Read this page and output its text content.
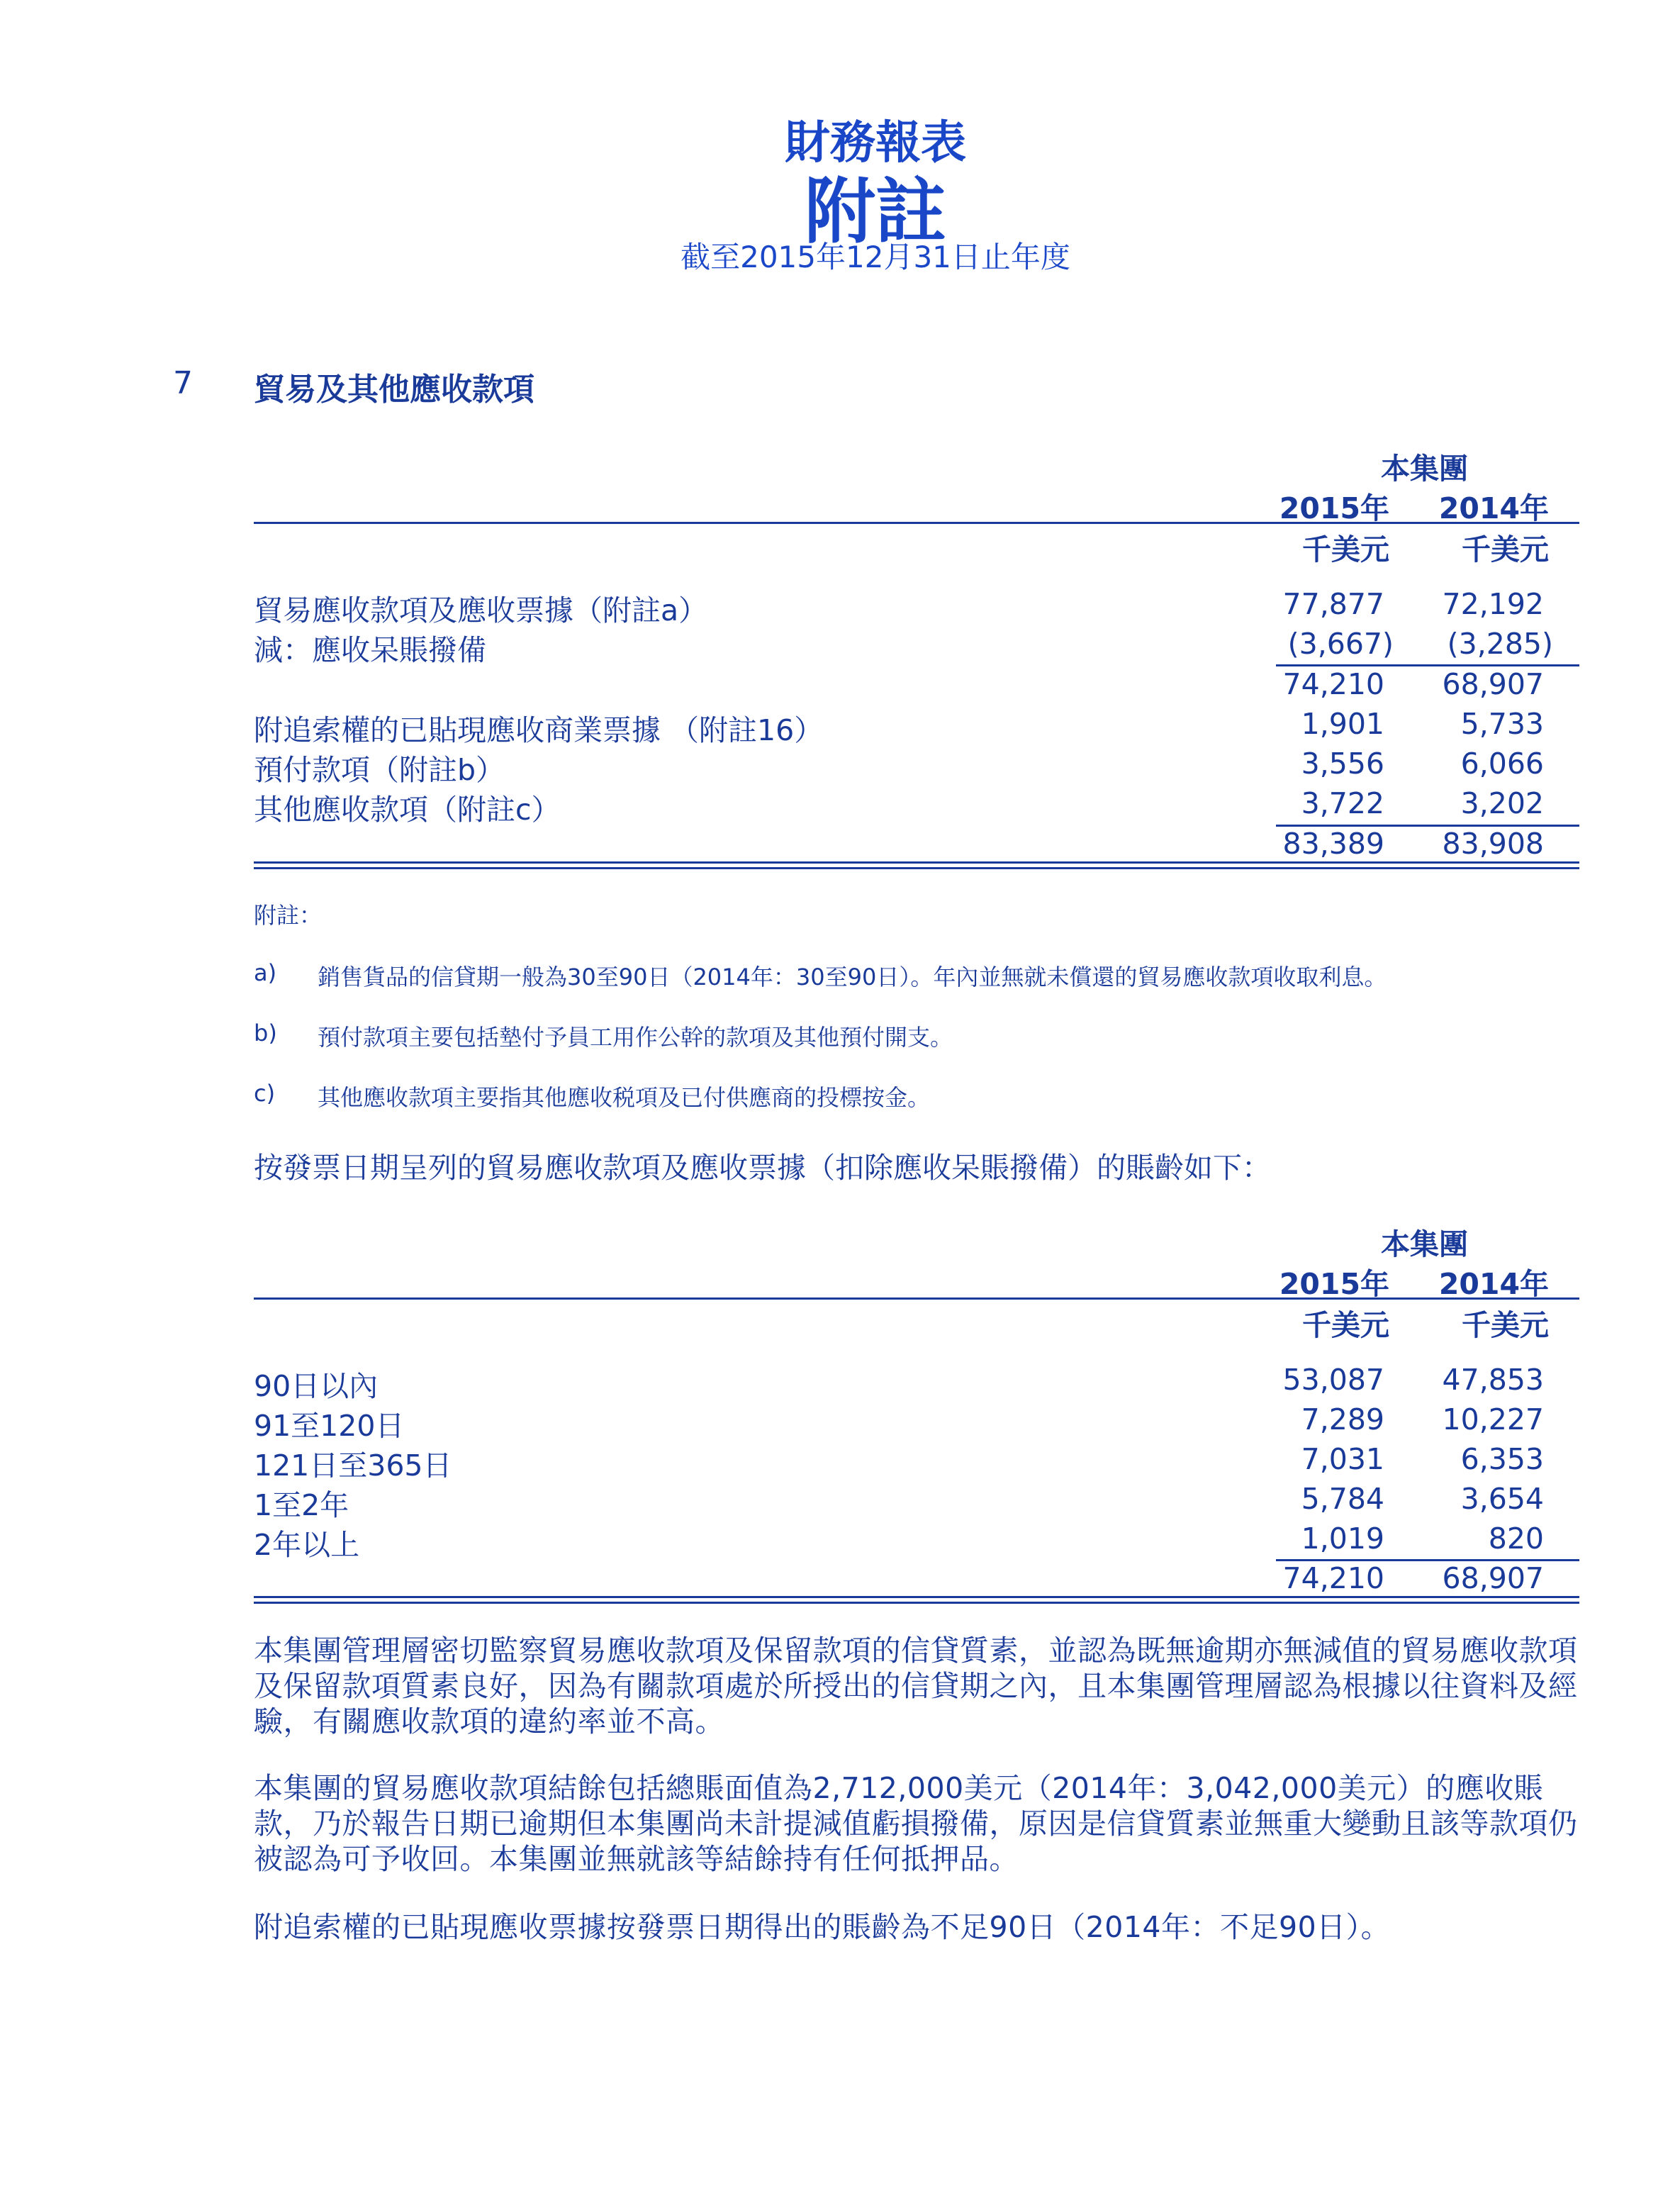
財務報表
附註
截至2015年12月31日止年度
7 貿易及其他應收款項
本集團
2015年	2014年
千美元	千美元
貿易應收款項及應收票據（附註a）	77,877	72,192
減：應收呆賬撥備	(3,667)	(3,285)
74,210	68,907
附追索權的已貼現應收商業票據 （附註16）	1,901	5,733
預付款項（附註b）	3,556	6,066
其他應收款項（附註c）	3,722	3,202
83,389	83,908
附註：
a) 銷售貨品的信貸期一般為30至90日（2014年：30至90日）。年內並無就未償還的貿易應收款項收取利息。
b) 預付款項主要包括墊付予員工用作公幹的款項及其他預付開支。
c) 其他應收款項主要指其他應收税項及已付供應商的投標按金。
按發票日期呈列的貿易應收款項及應收票據（扣除應收呆賬撥備）的賬齡如下：
本集團
2015年	2014年
千美元	千美元
90日以內	53,087	47,853
91至120日	7,289	10,227
121日至365日	7,031	6,353
1至2年	5,784	3,654
2年以上	1,019	820
74,210	68,907
本集團管理層密切監察貿易應收款項及保留款項的信貸質素，並認為既無逾期亦無減值的貿易應收款項及保留款項質素良好，因為有關款項處於所授出的信貸期之內，且本集團管理層認為根據以往資料及經驗，有關應收款項的違約率並不高。
本集團的貿易應收款項結餘包括總賬面值為2,712,000美元（2014年：3,042,000美元）的應收賬款，乃於報告日期已逾期但本集團尚未計提減值虧損撥備，原因是信貸質素並無重大變動且該等款項仍被認為可予收回。本集團並無就該等結餘持有任何抵押品。
附追索權的已貼現應收票據按發票日期得出的賬齡為不足90日（2014年：不足90日）。
